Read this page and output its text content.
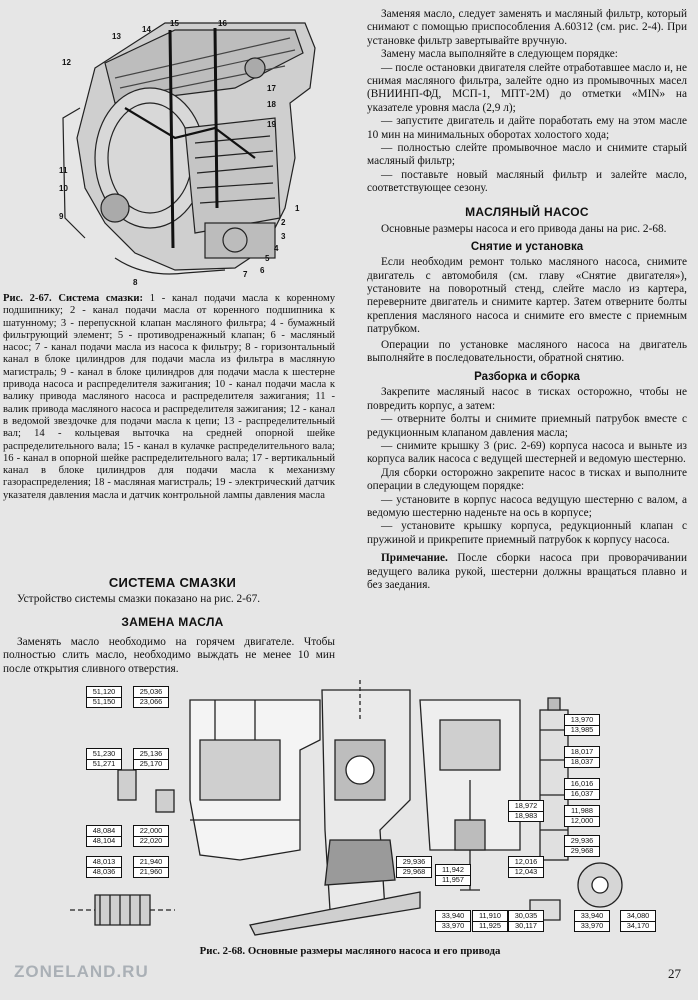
13
14
15	16
12
17
18
19
11
10
9
8
7 6
5
4
3
2
1
Рис. 2-67. Система смазки: 1 - канал подачи масла к коренному подшипнику; 2 - канал подачи масла от коренного подшипника к шатунному; 3 - перепускной клапан масляного фильтра; 4 - бумажный фильтрующий элемент; 5 - противодренажный клапан; 6 - масляный насос; 7 - канал подачи масла из насоса к фильтру; 8 - горизонтальный канал в блоке цилиндров для подачи масла из фильтра в масляную магистраль; 9 - канал в блоке цилиндров для подачи масла к шестерне привода насоса и распределителя зажигания; 10 - канал подачи масла к валику привода масляного насоса и распределителя зажигания; 11 - валик привода масляного насоса и распределителя зажигания; 12 - канал в ведомой звездочке для подачи масла к цепи; 13 - распределительный вал; 14 - кольцевая выточка на средней опорной шейке распределительного вала; 15 - канал в кулачке распределительного вала; 16 - канал в опорной шейке распределительного вала; 17 - вертикальный канал в блоке цилиндров для подачи масла к механизму газораспределения; 18 - масляная магистраль; 19 - электрический датчик указателя давления масла и датчик контрольной лампы давления масла
СИСТЕМА СМАЗКИ

Устройство системы смазки показано на рис. 2-67.

ЗАМЕНА МАСЛА

Заменять масло необходимо на горячем двигателе. Чтобы полностью слить масло, необходимо выждать не менее 10 мин после открытия сливного отверстия.

Заменяя масло, следует заменять и масляный фильтр, который снимают с помощью приспособления А.60312 (см. рис. 2-4). При установке фильтр завертывайте вручную.

Замену масла выполняйте в следующем порядке:

— после остановки двигателя слейте отработавшее масло и, не снимая масляного фильтра, залейте одно из промывочных масел (ВНИИНП-ФД, МСП-1, МПТ-2М) до отметки «MIN» на указателе уровня масла (2,9 л);

— запустите двигатель и дайте поработать ему на этом масле 10 мин на минимальных оборотах холостого хода;

— полностью слейте промывочное масло и снимите старый масляный фильтр;

— поставьте новый масляный фильтр и залейте масло, соответствующее сезону.

МАСЛЯНЫЙ НАСОС

Основные размеры насоса и его привода даны на рис. 2-68.

Снятие и установка

Если необходим ремонт только масляного насоса, снимите двигатель с автомобиля (см. главу «Снятие двигателя»), установите на поворотный стенд, слейте масло из картера, переверните двигатель и снимите картер. Затем отверните болты крепления масляного насоса и снимите его вместе с приемным патрубком.

Операции по установке масляного насоса на двигатель выполняйте в последовательности, обратной снятию.

Разборка и сборка

Закрепите масляный насос в тисках осторожно, чтобы не повредить корпус, а затем:

— отверните болты и снимите приемный патрубок вместе с редукционным клапаном давления масла;

— снимите крышку 3 (рис. 2-69) корпуса насоса и выньте из корпуса валик насоса с ведущей шестерней и ведомую шестерню.

Для сборки осторожно закрепите насос в тисках и выполните операции в следующем порядке:

— установите в корпус насоса ведущую шестерню с валом, а ведомую шестерню наденьте на ось в корпусе;

— установите крышку корпуса, редукционный клапан с пружиной и прикрепите приемный патрубок к корпусу насоса.

Примечание. После сборки насоса при проворачивании ведущего валика рукой, шестерни должны вращаться плавно и без заедания.

51,120
51,150
25,036
23,066
51,230
51,271
25,136
25,170
48,084
48,104
22,000
22,020
48,013
48,036
21,940
21,960
13,970
13,985
18,017
18,037
16,016
16,037
11,988
12,000
29,936
29,968
18,972
18,983
29,936
29,968	11,942
11,957
12,016
12,043
33,940
33,970
11,910
11,925
30,035
30,117
33,940
33,970
34,080
34,170
Рис. 2-68. Основные размеры масляного насоса и его привода
ZONELAND.RU	27
